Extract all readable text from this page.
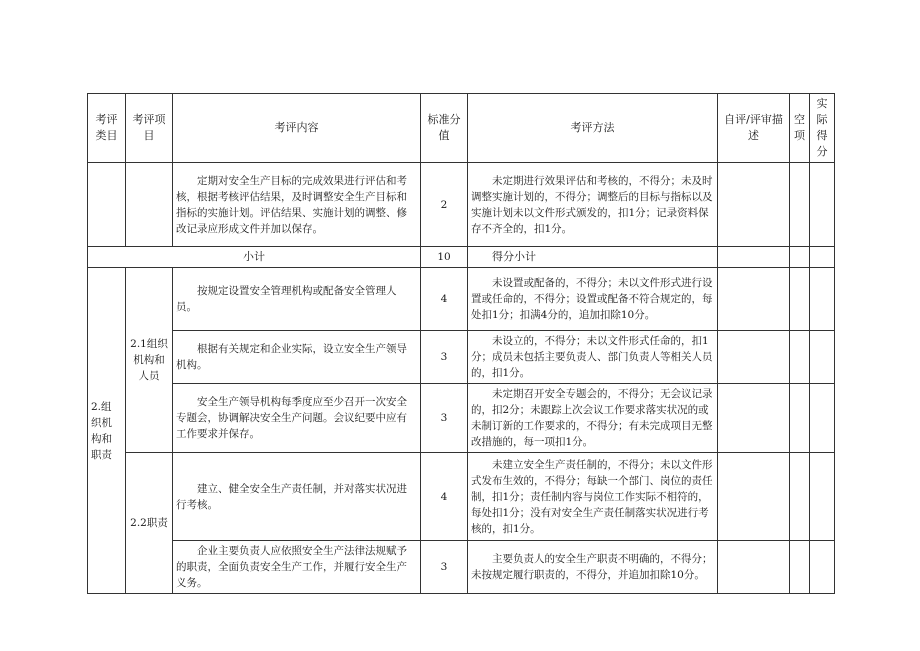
考评类目	考评项目	考评内容	标准分值	考评方法	自评/评审描述	空项	实际得分
		定期对安全生产目标的完成效果进行评估和考核，根据考核评估结果，及时调整安全生产目标和指标的实施计划。评估结果、实施计划的调整、修改记录应形成文件并加以保存。	2	未定期进行效果评估和考核的，不得分；未及时调整实施计划的，不得分；调整后的目标与指标以及实施计划未以文件形式颁发的，扣1分；记录资料保存不齐全的，扣1分。			
小计			10	得分小计			
2.组织机构和职责	2.1组织机构和人员	按规定设置安全管理机构或配备安全管理人员。	4	未设置或配备的，不得分；未以文件形式进行设置或任命的，不得分；设置或配备不符合规定的，每处扣1分；扣满4分的，追加扣除10分。			
		根据有关规定和企业实际，设立安全生产领导机构。	3	未设立的，不得分；未以文件形式任命的，扣1分；成员未包括主要负责人、部门负责人等相关人员的，扣1分。			
		安全生产领导机构每季度应至少召开一次安全专题会，协调解决安全生产问题。会议纪要中应有工作要求并保存。	3	未定期召开安全专题会的，不得分；无会议记录的，扣2分；未跟踪上次会议工作要求落实状况的或未制订新的工作要求的，不得分；有未完成项目无整改措施的，每一项扣1分。			
	2.2职责	建立、健全安全生产责任制，并对落实状况进行考核。	4	未建立安全生产责任制的，不得分；未以文件形式发布生效的，不得分；每缺一个部门、岗位的责任制，扣1分；责任制内容与岗位工作实际不相符的，每处扣1分；没有对安全生产责任制落实状况进行考核的，扣1分。			
		企业主要负责人应依照安全生产法律法规赋予的职责，全面负责安全生产工作，并履行安全生产义务。	3	主要负责人的安全生产职责不明确的，不得分；未按规定履行职责的，不得分，并追加扣除10分。			
